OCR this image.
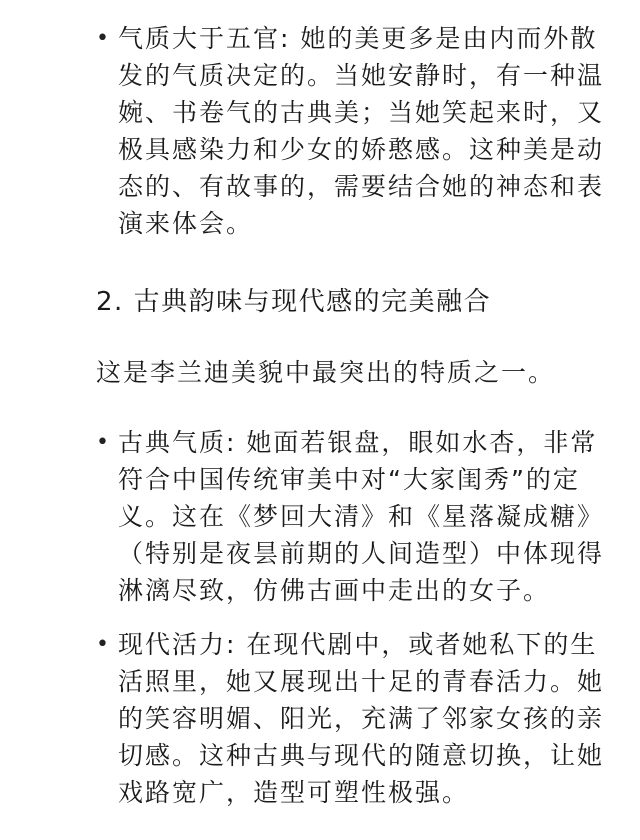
• 气质大于五官: 她的美更多是由内而外散
发的气质决定的。当她安静时，有一种温
婉、书卷气的古典美；当她笑起来时，又
极具感染力和少女的娇憨感。这种美是动
态的、有故事的，需要结合她的神态和表
演来体会。
2. 古典韵味与现代感的完美融合
这是李兰迪美貌中最突出的特质之一。
• 古典气质: 她面若银盘，眼如水杏，非常
符合中国传统审美中对“大家闺秀”的定
义。这在《梦回大清》和《星落凝成糖》
（特别是夜昙前期的人间造型）中体现得
淋漓尽致，仿佛古画中走出的女子。
• 现代活力: 在现代剧中，或者她私下的生
活照里，她又展现出十足的青春活力。她
的笑容明媚、阳光，充满了邻家女孩的亲
切感。这种古典与现代的随意切换，让她
戏路宽广，造型可塑性极强。
